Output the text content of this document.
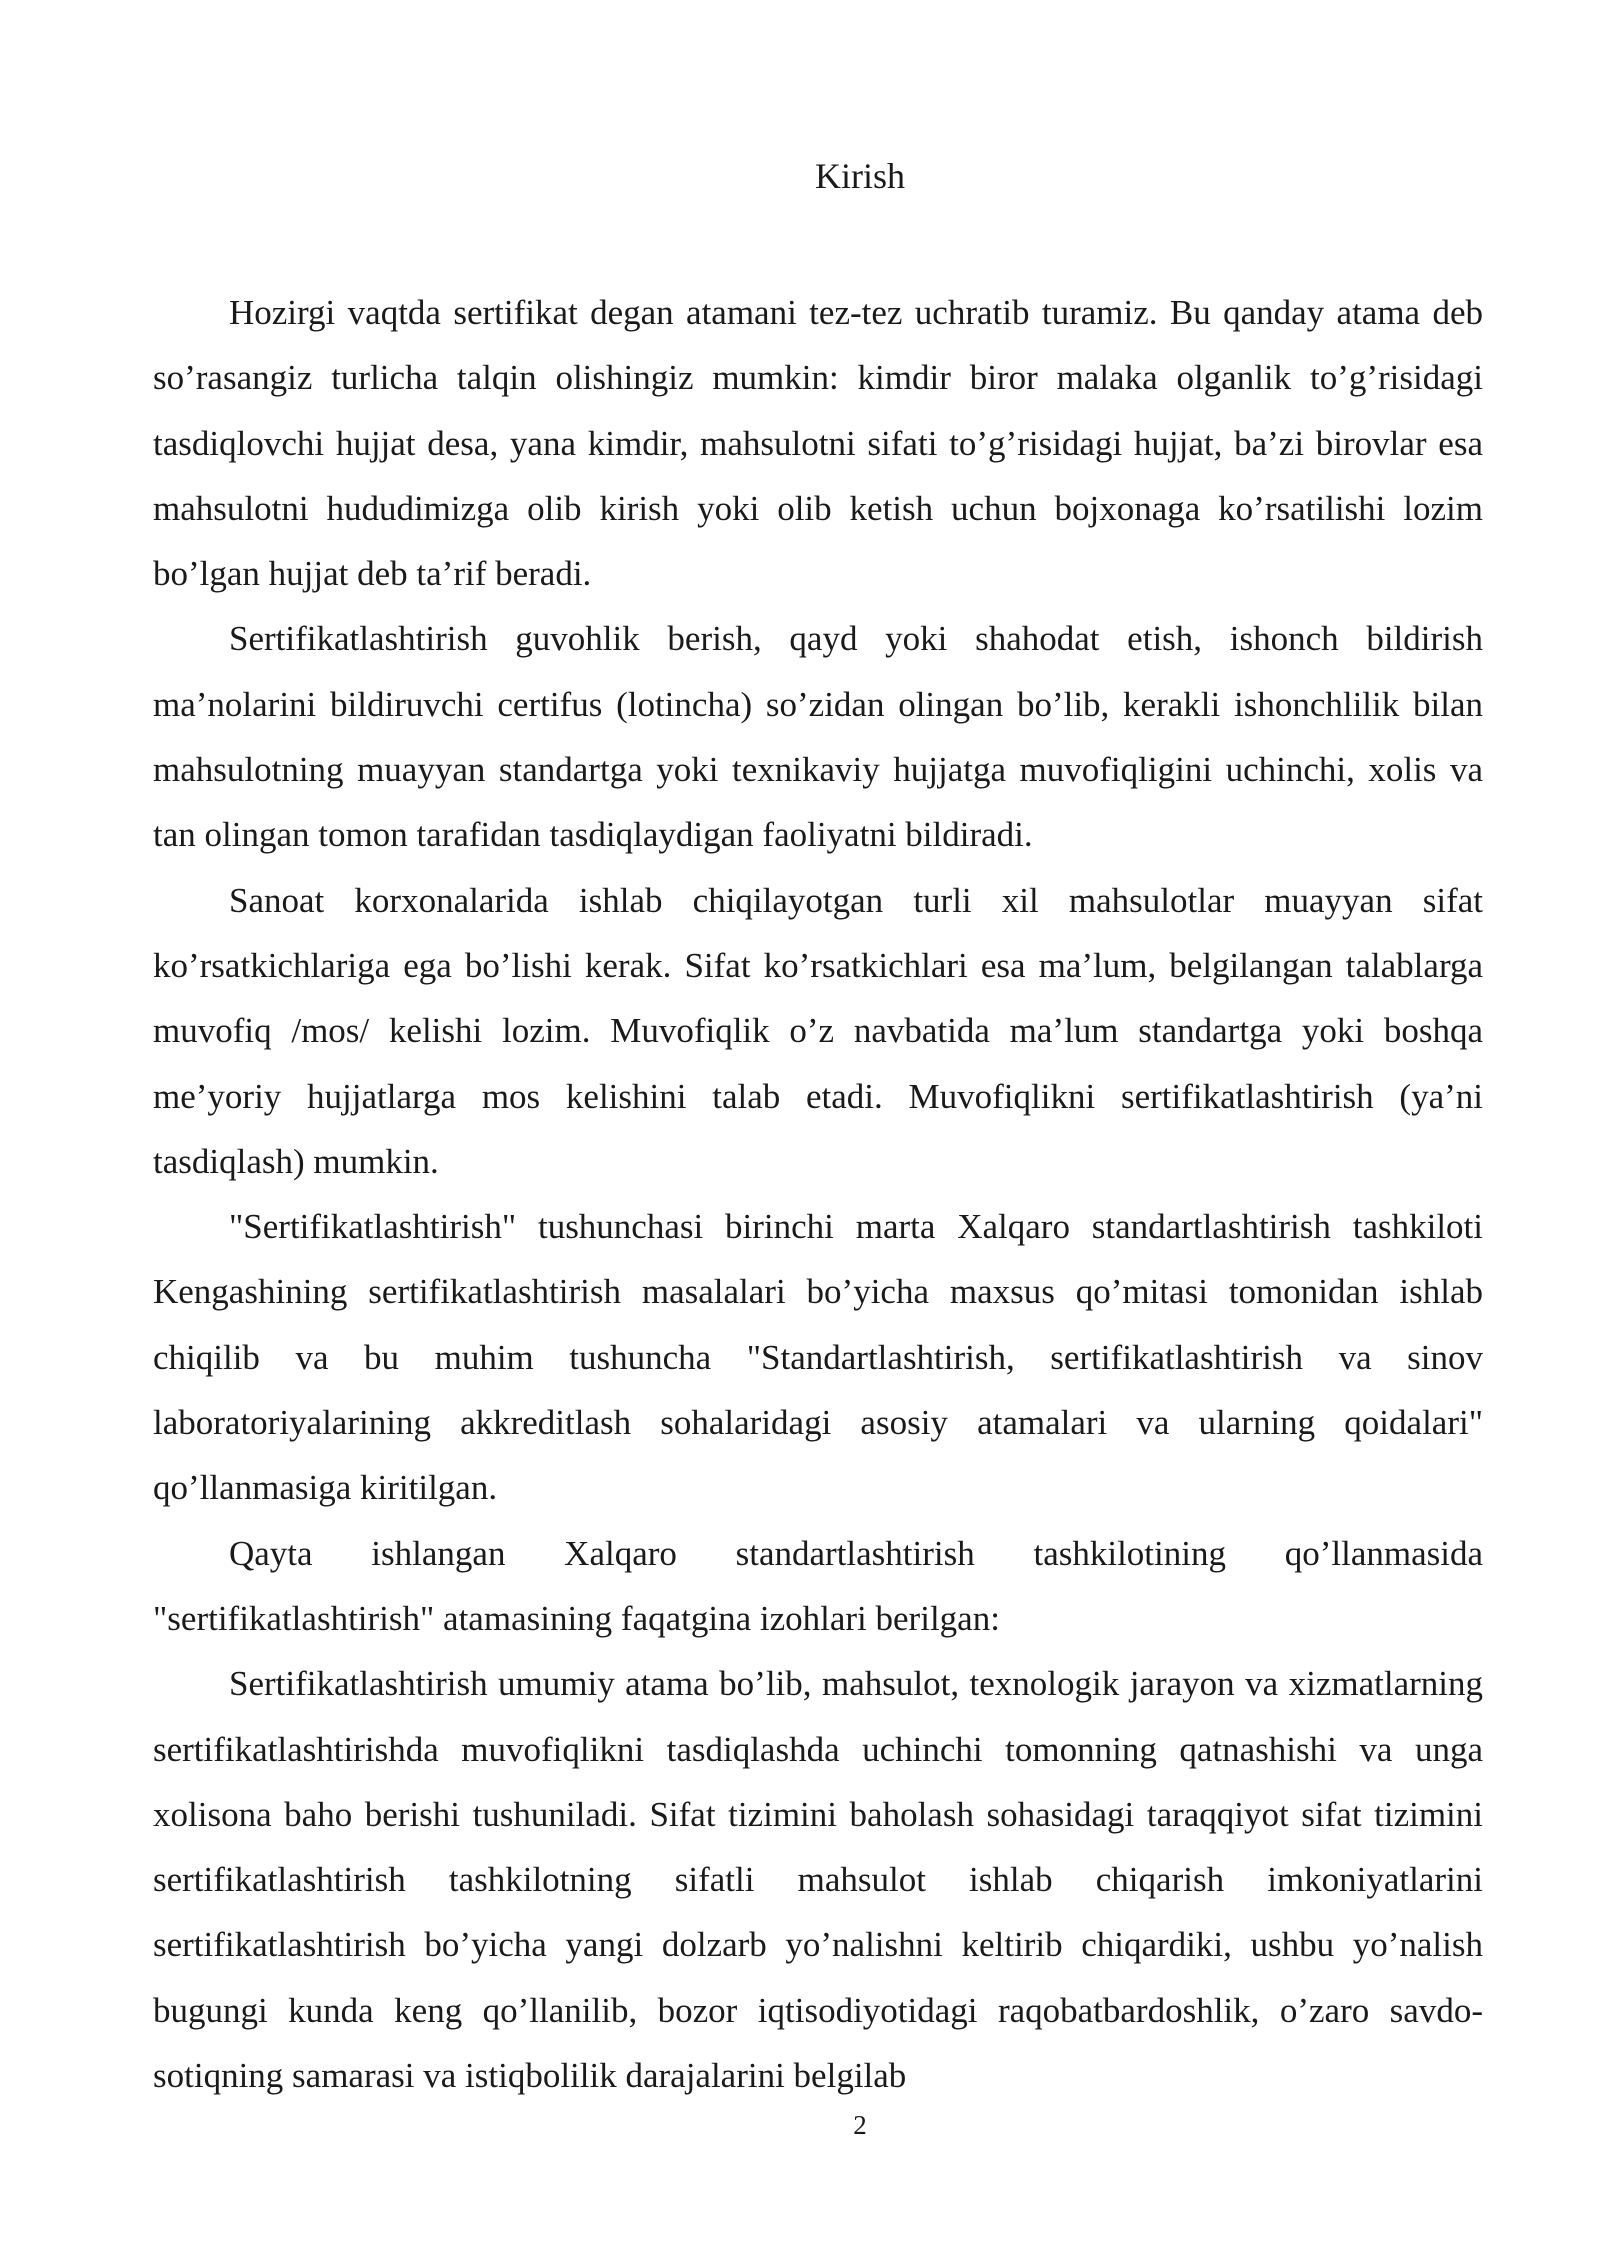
Kirish

Hozirgi vaqtda sertifikat degan atamani tez-tez uchratib turamiz. Bu qanday atama deb so’rasangiz turlicha talqin olishingiz mumkin: kimdir biror malaka olganlik to’g’risidagi tasdiqlovchi hujjat desa, yana kimdir, mahsulotni sifati to’g’risidagi hujjat, ba’zi birovlar esa mahsulotni hududimizga olib kirish yoki olib ketish uchun bojxonaga ko’rsatilishi lozim bo’lgan hujjat deb ta’rif beradi.

Sertifikatlashtirish guvohlik berish, qayd yoki shahodat etish, ishonch bildirish ma’nolarini bildiruvchi certifus (lotincha) so’zidan olingan bo’lib, kerakli ishonchlilik bilan mahsulotning muayyan standartga yoki texnikaviy hujjatga muvofiqligini uchinchi, xolis va tan olingan tomon tarafidan tasdiqlaydigan faoliyatni bildiradi.

Sanoat korxonalarida ishlab chiqilayotgan turli xil mahsulotlar muayyan sifat ko’rsatkichlariga ega bo’lishi kerak. Sifat ko’rsatkichlari esa ma’lum, belgilangan talablarga muvofiq /mos/ kelishi lozim. Muvofiqlik o’z navbatida ma’lum standartga yoki boshqa me’yoriy hujjatlarga mos kelishini talab etadi. Muvofiqlikni sertifikatlashtirish (ya’ni tasdiqlash) mumkin.

"Sertifikatlashtirish" tushunchasi birinchi marta Xalqaro standartlashtirish tashkiloti Kengashining sertifikatlashtirish masalalari bo’yicha maxsus qo’mitasi tomonidan ishlab chiqilib va bu muhim tushuncha "Standartlashtirish, sertifikatlashtirish va sinov laboratoriyalarining akkreditlash sohalaridagi asosiy atamalari va ularning qoidalari" qo’llanmasiga kiritilgan.

Qayta ishlangan Xalqaro standartlashtirish tashkilotining qo’llanmasida "sertifikatlashtirish" atamasining faqatgina izohlari berilgan:

Sertifikatlashtirish umumiy atama bo’lib, mahsulot, texnologik jarayon va xizmatlarning sertifikatlashtirishda muvofiqlikni tasdiqlashda uchinchi tomonning qatnashishi va unga xolisona baho berishi tushuniladi. Sifat tizimini baholash sohasidagi taraqqiyot sifat tizimini sertifikatlashtirish tashkilotning sifatli mahsulot ishlab chiqarish imkoniyatlarini sertifikatlashtirish bo’yicha yangi dolzarb yo’nalishni keltirib chiqardiki, ushbu yo’nalish bugungi kunda keng qo’llanilib, bozor iqtisodiyotidagi raqobatbardoshlik, o’zaro savdo- sotiqning samarasi va istiqbolilik darajalarini belgilab

2
